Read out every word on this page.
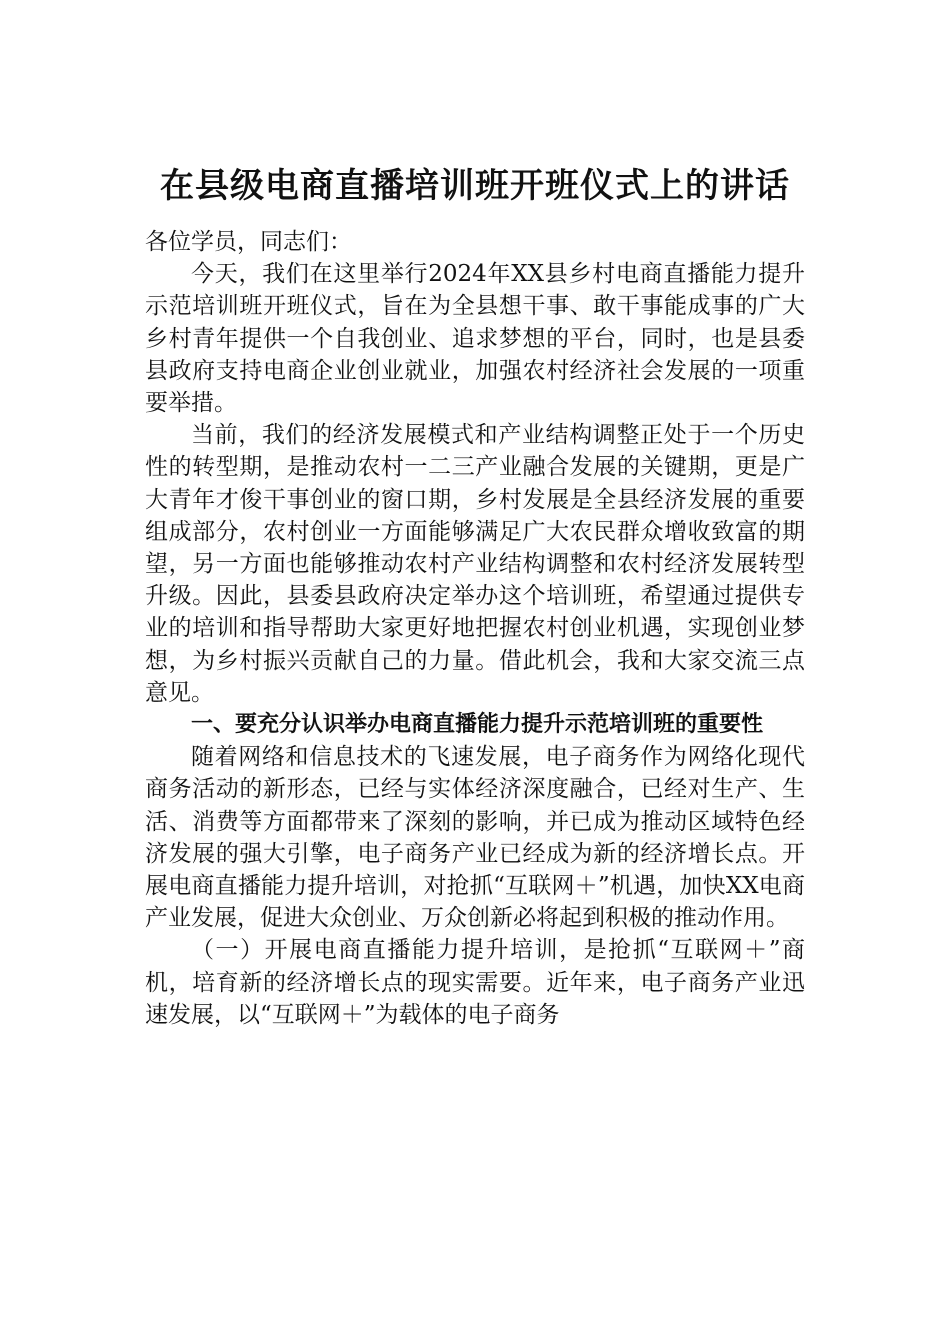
在县级电商直播培训班开班仪式上的讲话

各位学员，同志们：

今天，我们在这里举行2024年XX县乡村电商直播能力提升示范培训班开班仪式，旨在为全县想干事、敢干事能成事的广大乡村青年提供一个自我创业、追求梦想的平台，同时，也是县委县政府支持电商企业创业就业，加强农村经济社会发展的一项重要举措。

当前，我们的经济发展模式和产业结构调整正处于一个历史性的转型期，是推动农村一二三产业融合发展的关键期，更是广大青年才俊干事创业的窗口期，乡村发展是全县经济发展的重要组成部分，农村创业一方面能够满足广大农民群众增收致富的期望，另一方面也能够推动农村产业结构调整和农村经济发展转型升级。因此，县委县政府决定举办这个培训班，希望通过提供专业的培训和指导帮助大家更好地把握农村创业机遇，实现创业梦想，为乡村振兴贡献自己的力量。借此机会，我和大家交流三点意见。

一、要充分认识举办电商直播能力提升示范培训班的重要性

随着网络和信息技术的飞速发展，电子商务作为网络化现代商务活动的新形态，已经与实体经济深度融合，已经对生产、生活、消费等方面都带来了深刻的影响，并已成为推动区域特色经济发展的强大引擎，电子商务产业已经成为新的经济增长点。开展电商直播能力提升培训，对抢抓“互联网＋”机遇，加快XX电商产业发展，促进大众创业、万众创新必将起到积极的推动作用。

（一）开展电商直播能力提升培训，是抢抓“互联网＋”商机，培育新的经济增长点的现实需要。近年来，电子商务产业迅速发展，以“互联网＋”为载体的电子商务
